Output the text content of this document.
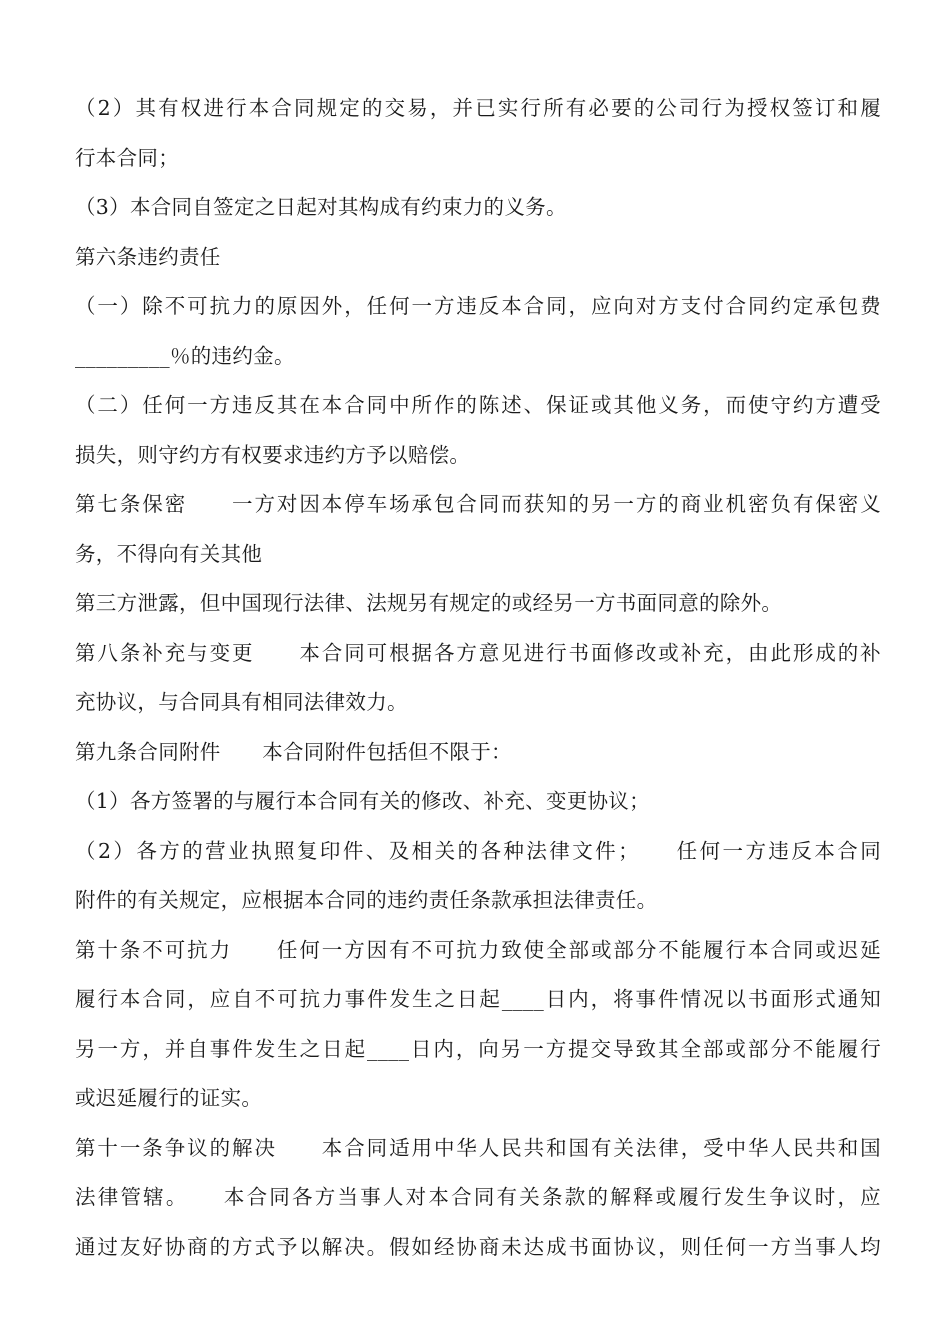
（2）其有权进行本合同规定的交易，并已实行所有必要的公司行为授权签订和履
行本合同；
（3）本合同自签定之日起对其构成有约束力的义务。
第六条违约责任
（一）除不可抗力的原因外，任何一方违反本合同，应向对方支付合同约定承包费
_________％的违约金。
（二）任何一方违反其在本合同中所作的陈述、保证或其他义务，而使守约方遭受
损失，则守约方有权要求违约方予以赔偿。
第七条保密　　一方对因本停车场承包合同而获知的另一方的商业机密负有保密义
务，不得向有关其他
第三方泄露，但中国现行法律、法规另有规定的或经另一方书面同意的除外。
第八条补充与变更　　本合同可根据各方意见进行书面修改或补充，由此形成的补
充协议，与合同具有相同法律效力。
第九条合同附件　　本合同附件包括但不限于：
（1）各方签署的与履行本合同有关的修改、补充、变更协议；
（2）各方的营业执照复印件、及相关的各种法律文件；　　任何一方违反本合同
附件的有关规定，应根据本合同的违约责任条款承担法律责任。
第十条不可抗力　　任何一方因有不可抗力致使全部或部分不能履行本合同或迟延
履行本合同，应自不可抗力事件发生之日起____日内，将事件情况以书面形式通知
另一方，并自事件发生之日起____日内，向另一方提交导致其全部或部分不能履行
或迟延履行的证实。
第十一条争议的解决　　本合同适用中华人民共和国有关法律，受中华人民共和国
法律管辖。　　本合同各方当事人对本合同有关条款的解释或履行发生争议时，应
通过友好协商的方式予以解决。假如经协商未达成书面协议，则任何一方当事人均
